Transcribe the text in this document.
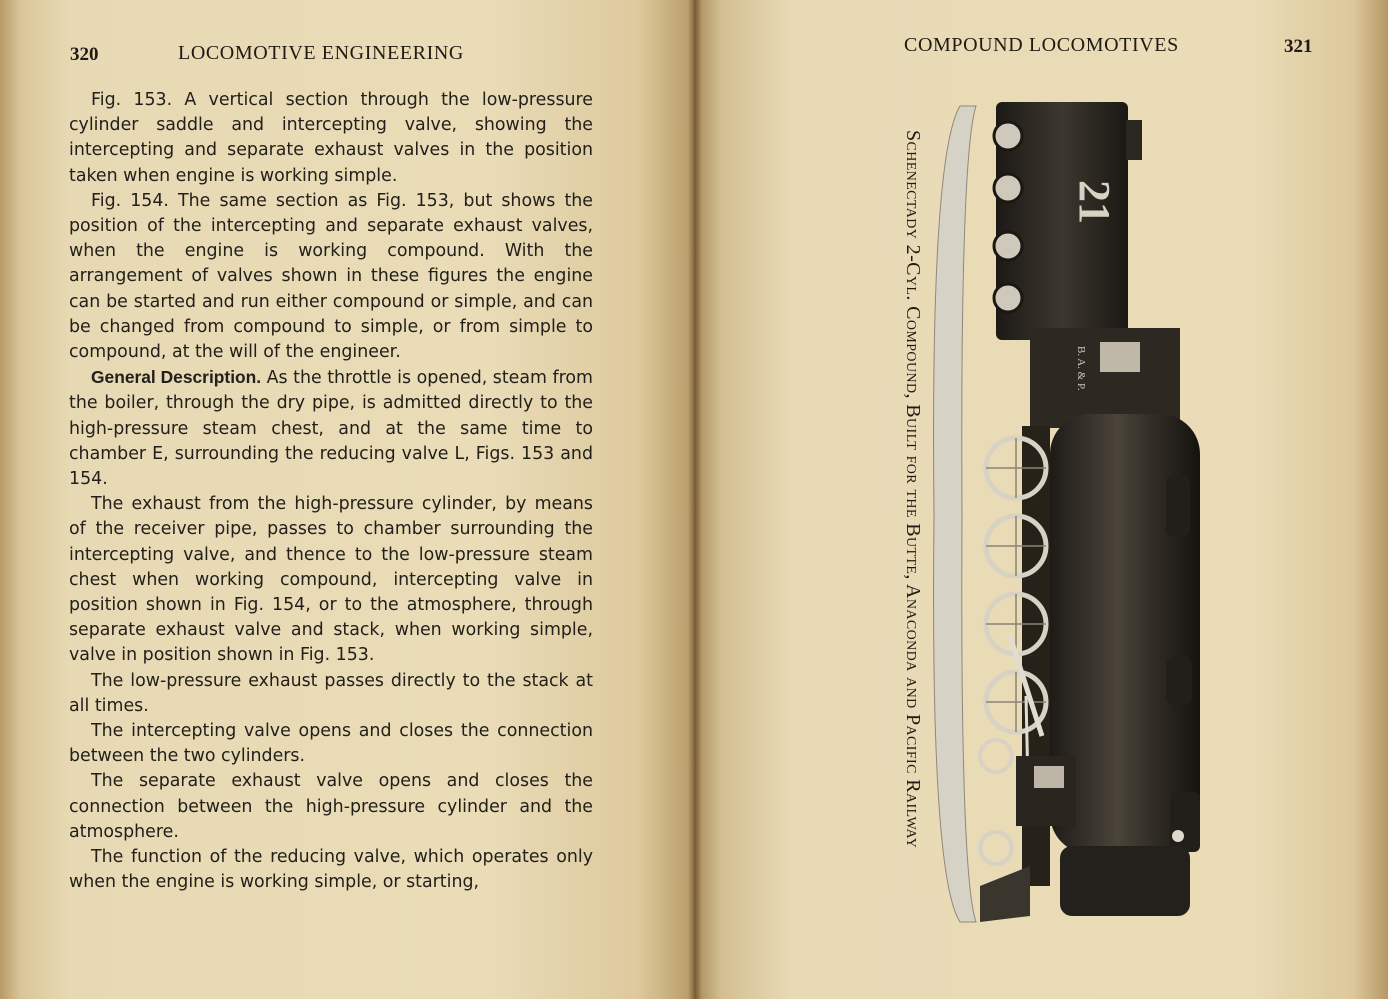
320	LOCOMOTIVE ENGINEERING

Fig. 153. A vertical section through the low-pressure cylinder saddle and intercepting valve, showing the intercepting and separate exhaust valves in the position taken when engine is working simple.

Fig. 154. The same section as Fig. 153, but shows the position of the intercepting and separate exhaust valves, when the engine is working compound. With the arrangement of valves shown in these figures the engine can be started and run either compound or simple, and can be changed from compound to simple, or from simple to compound, at the will of the engineer.

General Description. As the throttle is opened, steam from the boiler, through the dry pipe, is admitted directly to the high-pressure steam chest, and at the same time to chamber E, surrounding the reducing valve L, Figs. 153 and 154.

The exhaust from the high-pressure cylinder, by means of the receiver pipe, passes to chamber surrounding the intercepting valve, and thence to the low-pressure steam chest when working compound, intercepting valve in position shown in Fig. 154, or to the atmosphere, through separate exhaust valve and stack, when working simple, valve in position shown in Fig. 153.

The low-pressure exhaust passes directly to the stack at all times.

The intercepting valve opens and closes the connection between the two cylinders.

The separate exhaust valve opens and closes the connection between the high-pressure cylinder and the atmosphere.

The function of the reducing valve, which operates only when the engine is working simple, or starting,

COMPOUND LOCOMOTIVES	321
Schenectady 2-Cyl. Compound, Built for the Butte, Anaconda and Pacific Railway	21
B. A. & P.
